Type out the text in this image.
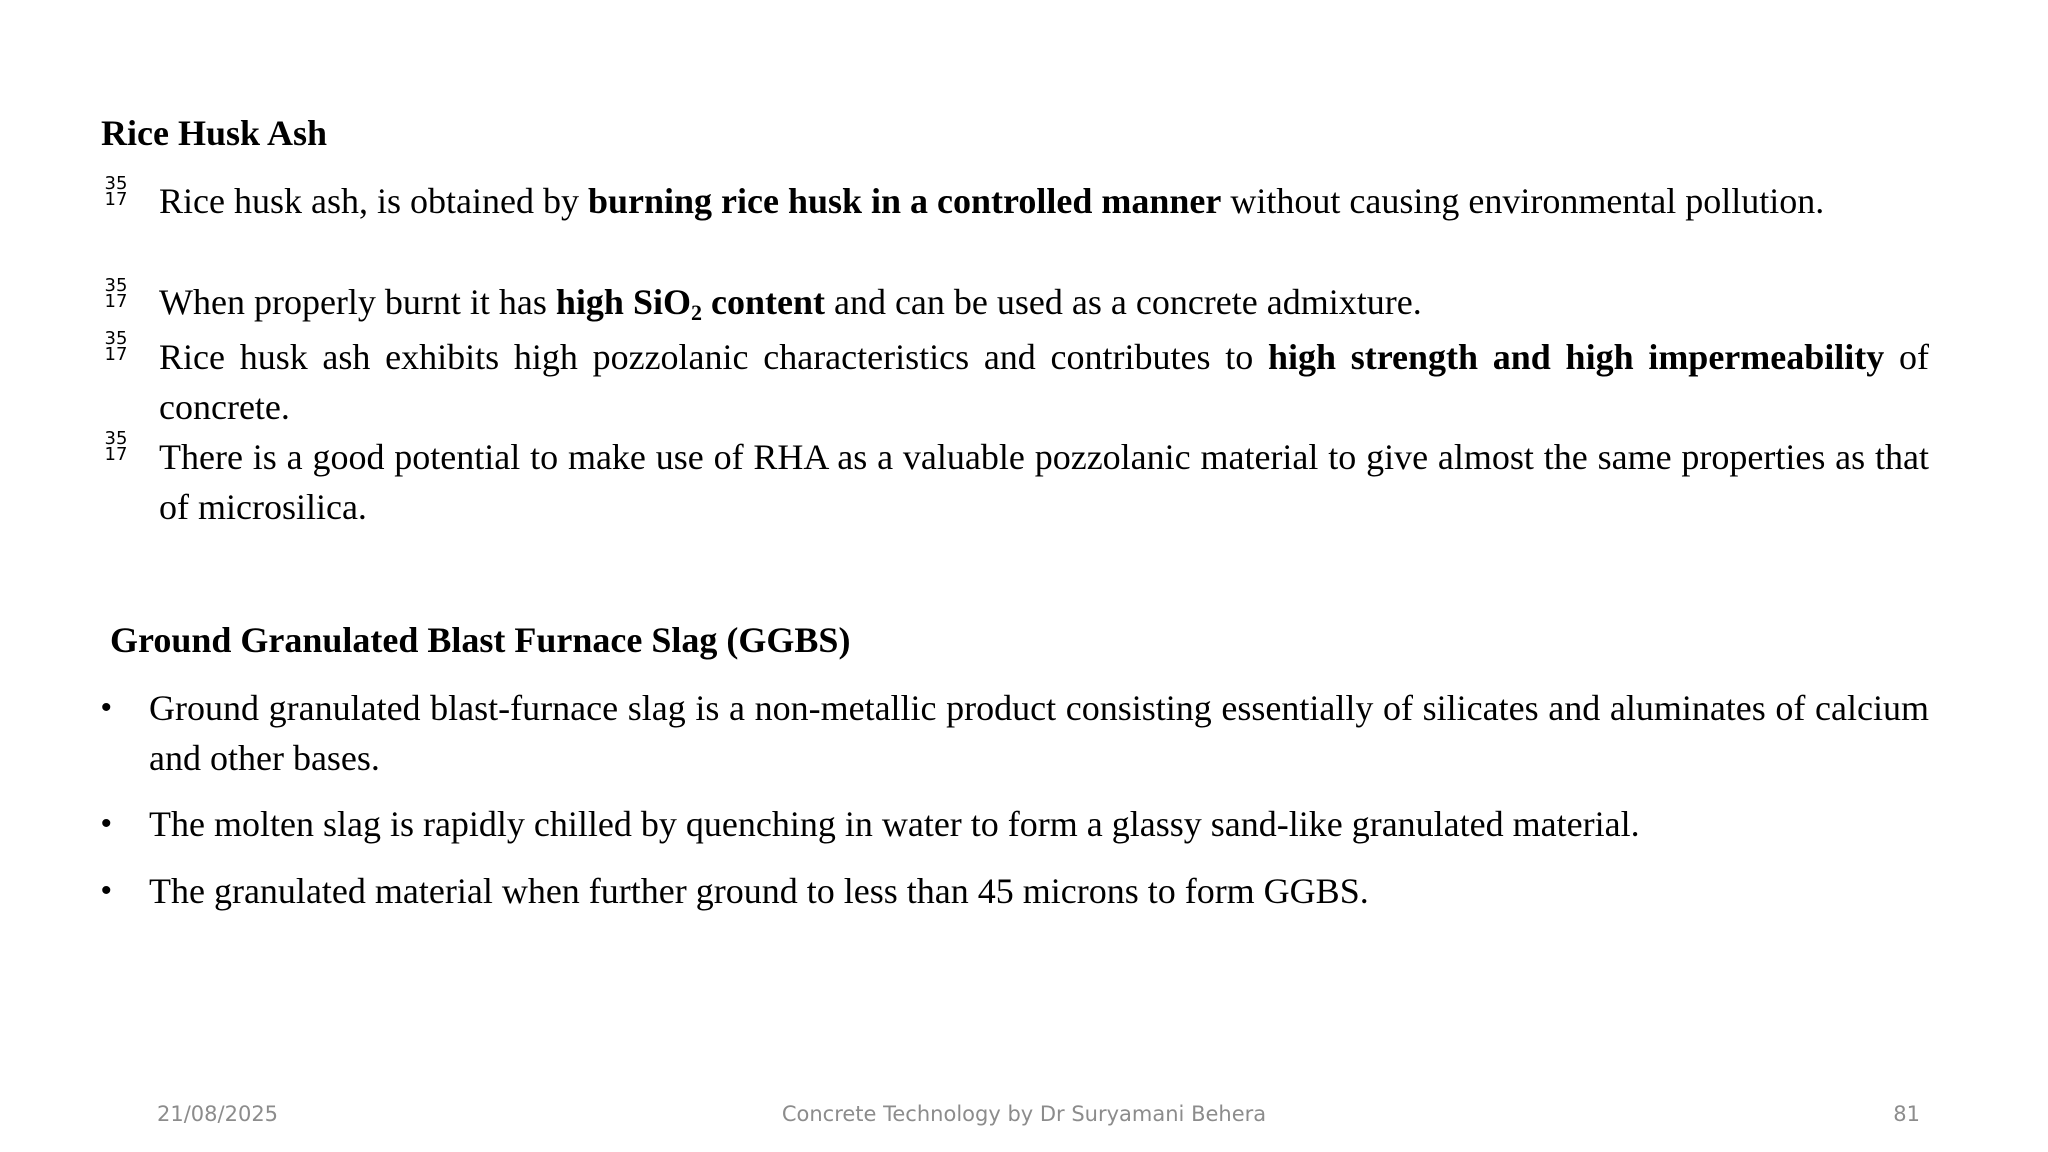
Rice Husk Ash
35
17 Rice husk ash, is obtained by burning rice husk in a controlled manner without causing environmental pollution.
35
17 When properly burnt it has high SiO$_2$ content and can be used as a concrete admixture.
35
17 Rice husk ash exhibits high pozzolanic characteristics and contributes to high strength and high impermeability of concrete.
35
17 There is a good potential to make use of RHA as a valuable pozzolanic material to give almost the same properties as that of microsilica.
Ground Granulated Blast Furnace Slag (GGBS)
• Ground granulated blast-furnace slag is a non-metallic product consisting essentially of silicates and aluminates of calcium and other bases.
• The molten slag is rapidly chilled by quenching in water to form a glassy sand-like granulated material.
• The granulated material when further ground to less than 45 microns to form GGBS.
21/08/2025	Concrete Technology by Dr Suryamani Behera	81
